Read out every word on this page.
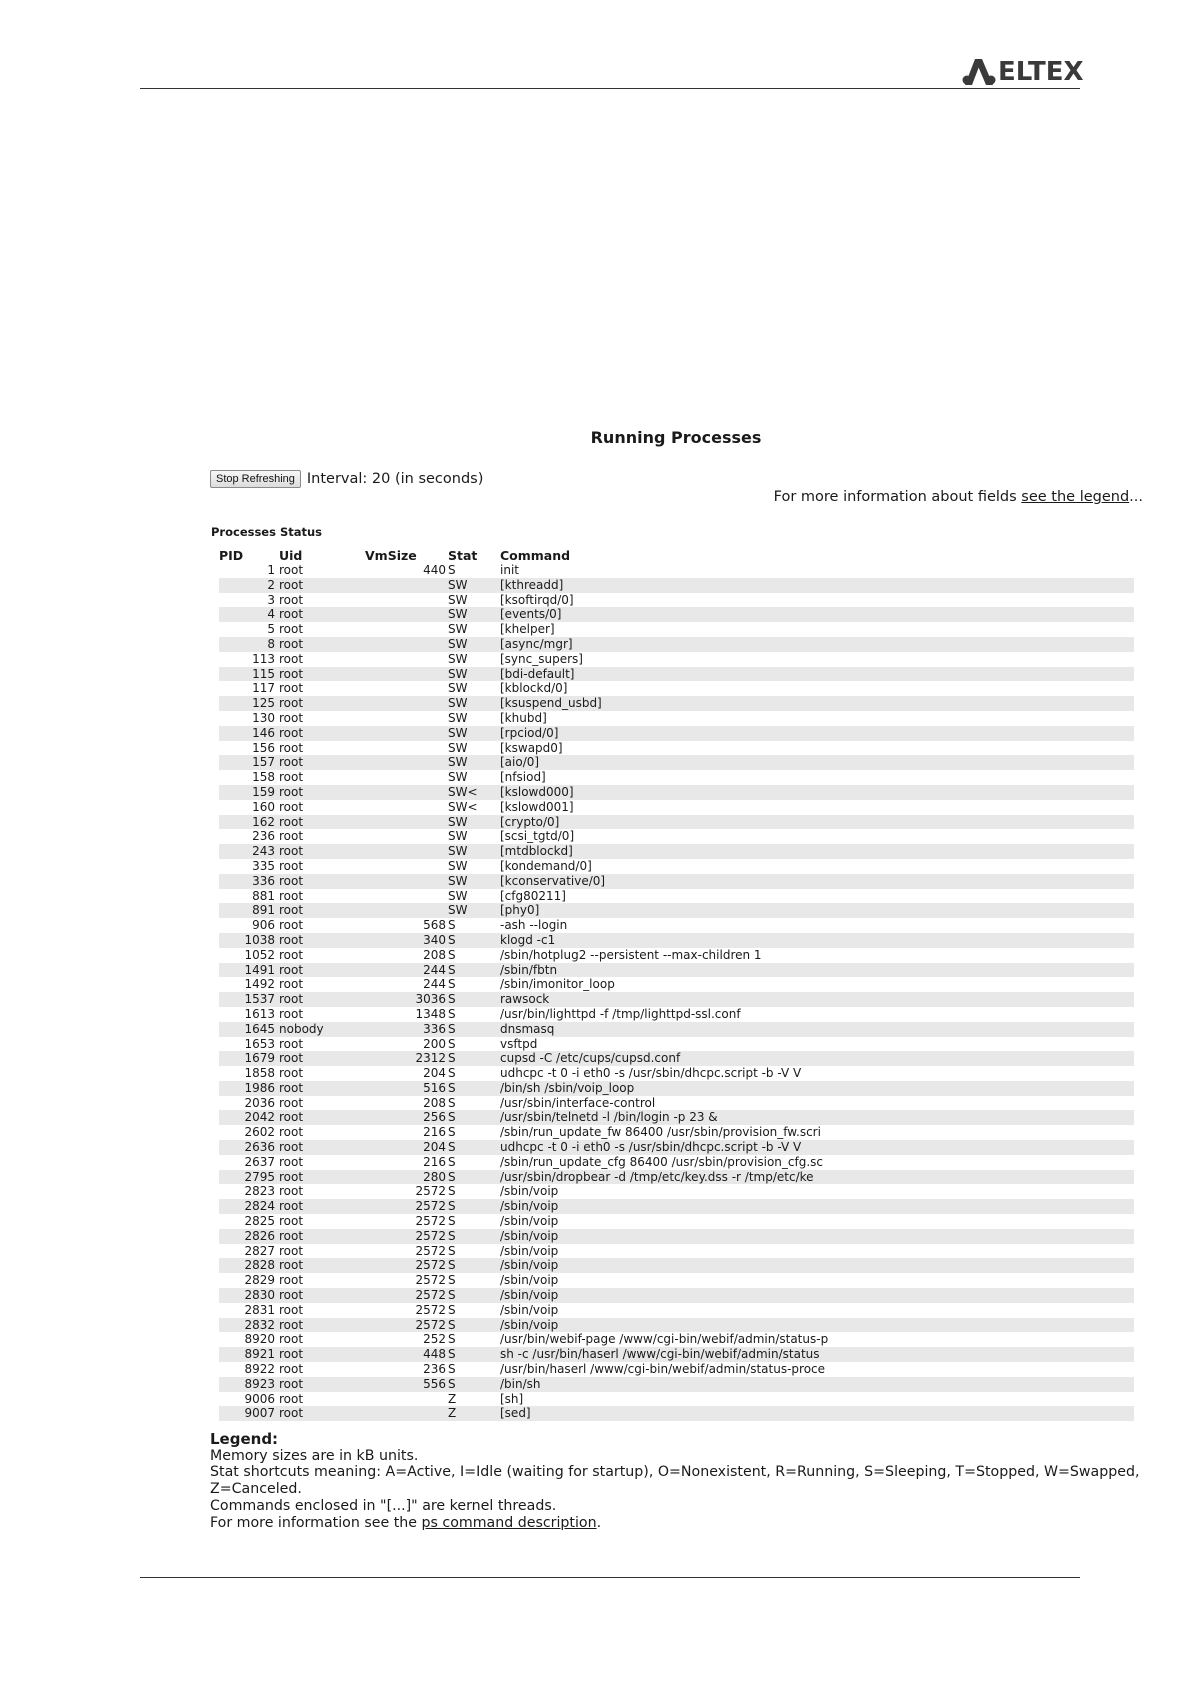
ELTEX
Running Processes
Stop Refreshing Interval: 20 (in seconds)
For more information about fields see the legend...
Processes Status
PID	Uid	VmSize	Stat	Command
1	root	440	S	init
2	root		SW	[kthreadd]
3	root		SW	[ksoftirqd/0]
4	root		SW	[events/0]
5	root		SW	[khelper]
8	root		SW	[async/mgr]
113	root		SW	[sync_supers]
115	root		SW	[bdi-default]
117	root		SW	[kblockd/0]
125	root		SW	[ksuspend_usbd]
130	root		SW	[khubd]
146	root		SW	[rpciod/0]
156	root		SW	[kswapd0]
157	root		SW	[aio/0]
158	root		SW	[nfsiod]
159	root		SW<	[kslowd000]
160	root		SW<	[kslowd001]
162	root		SW	[crypto/0]
236	root		SW	[scsi_tgtd/0]
243	root		SW	[mtdblockd]
335	root		SW	[kondemand/0]
336	root		SW	[kconservative/0]
881	root		SW	[cfg80211]
891	root		SW	[phy0]
906	root	568	S	-ash --login
1038	root	340	S	klogd -c1
1052	root	208	S	/sbin/hotplug2 --persistent --max-children 1
1491	root	244	S	/sbin/fbtn
1492	root	244	S	/sbin/imonitor_loop
1537	root	3036	S	rawsock
1613	root	1348	S	/usr/bin/lighttpd -f /tmp/lighttpd-ssl.conf
1645	nobody	336	S	dnsmasq
1653	root	200	S	vsftpd
1679	root	2312	S	cupsd -C /etc/cups/cupsd.conf
1858	root	204	S	udhcpc -t 0 -i eth0 -s /usr/sbin/dhcpc.script -b -V V
1986	root	516	S	/bin/sh /sbin/voip_loop
2036	root	208	S	/usr/sbin/interface-control
2042	root	256	S	/usr/sbin/telnetd -l /bin/login -p 23 &
2602	root	216	S	/sbin/run_update_fw 86400 /usr/sbin/provision_fw.scri
2636	root	204	S	udhcpc -t 0 -i eth0 -s /usr/sbin/dhcpc.script -b -V V
2637	root	216	S	/sbin/run_update_cfg 86400 /usr/sbin/provision_cfg.sc
2795	root	280	S	/usr/sbin/dropbear -d /tmp/etc/key.dss -r /tmp/etc/ke
2823	root	2572	S	/sbin/voip
2824	root	2572	S	/sbin/voip
2825	root	2572	S	/sbin/voip
2826	root	2572	S	/sbin/voip
2827	root	2572	S	/sbin/voip
2828	root	2572	S	/sbin/voip
2829	root	2572	S	/sbin/voip
2830	root	2572	S	/sbin/voip
2831	root	2572	S	/sbin/voip
2832	root	2572	S	/sbin/voip
8920	root	252	S	/usr/bin/webif-page /www/cgi-bin/webif/admin/status-p
8921	root	448	S	sh -c /usr/bin/haserl /www/cgi-bin/webif/admin/status
8922	root	236	S	/usr/bin/haserl /www/cgi-bin/webif/admin/status-proce
8923	root	556	S	/bin/sh
9006	root		Z	[sh]
9007	root		Z	[sed]
Legend:
Memory sizes are in kB units.
Stat shortcuts meaning: A=Active, I=Idle (waiting for startup), O=Nonexistent, R=Running, S=Sleeping, T=Stopped, W=Swapped, Z=Canceled.
Commands enclosed in "[...]" are kernel threads.
For more information see the ps command description.
